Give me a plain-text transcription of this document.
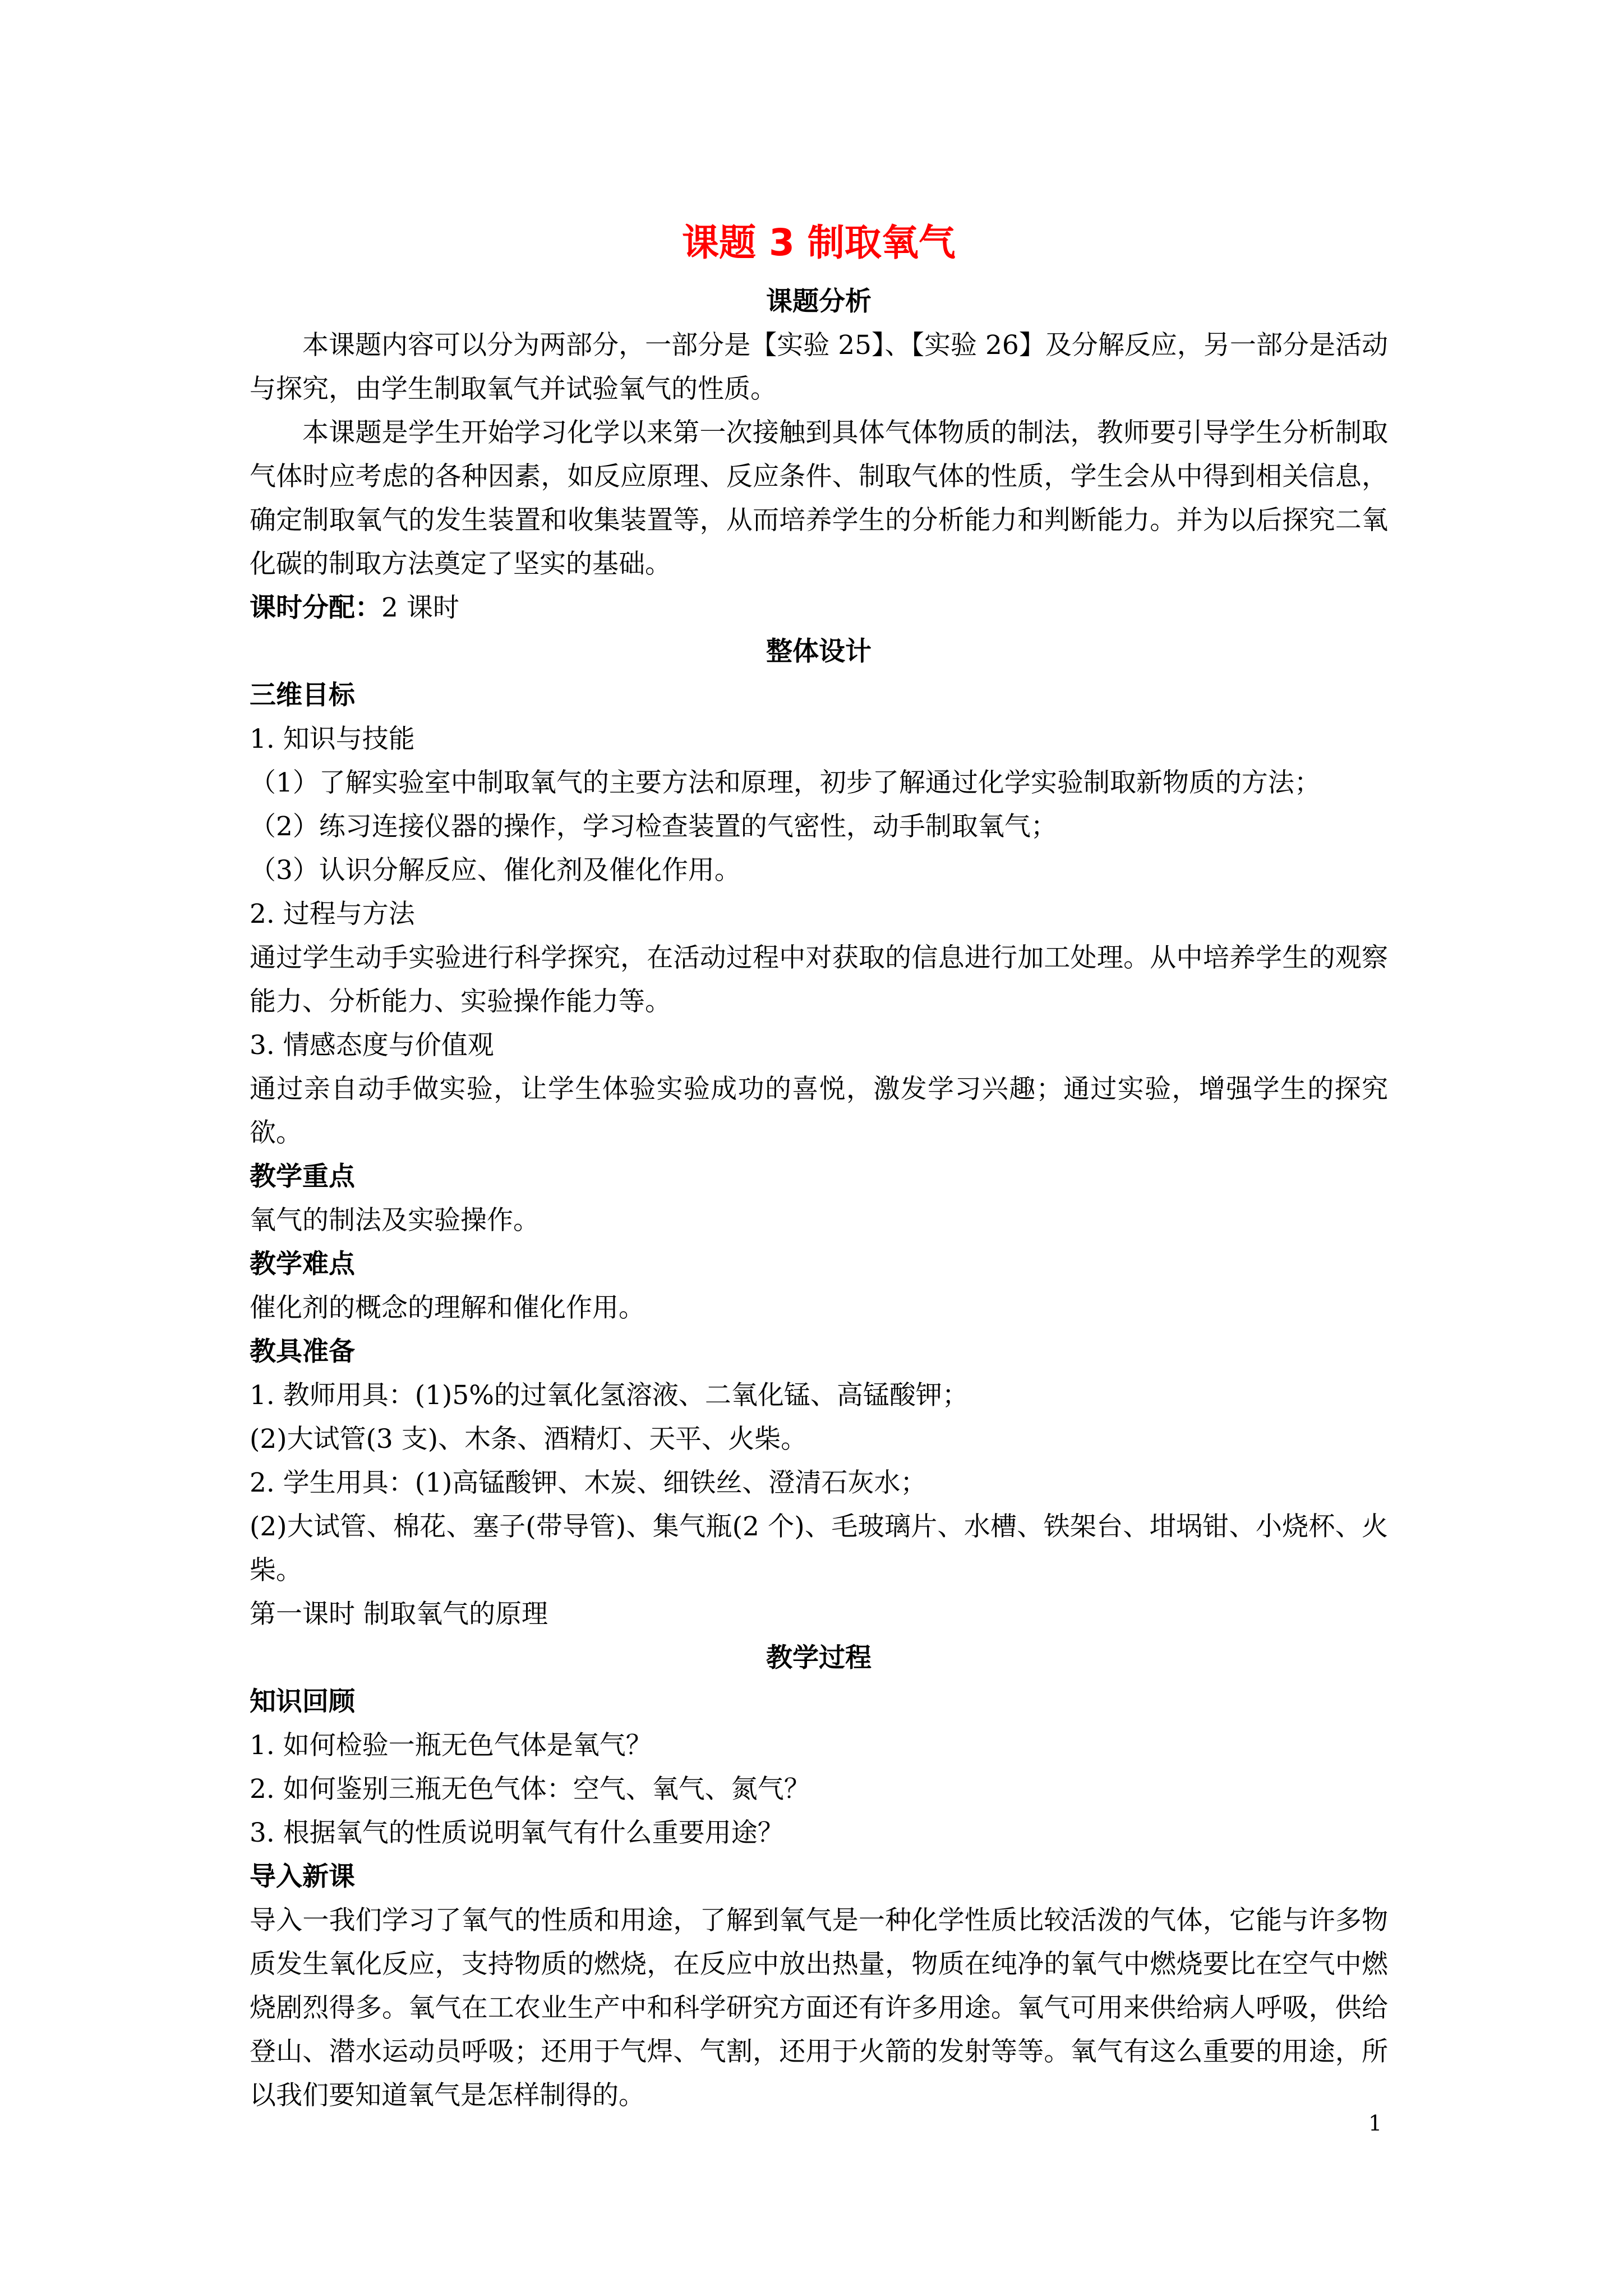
课题 3 制取氧气

课题分析

本课题内容可以分为两部分，一部分是【实验 25】、【实验 26】及分解反应，另一部分是活动与探究，由学生制取氧气并试验氧气的性质。

本课题是学生开始学习化学以来第一次接触到具体气体物质的制法，教师要引导学生分析制取气体时应考虑的各种因素，如反应原理、反应条件、制取气体的性质，学生会从中得到相关信息，确定制取氧气的发生装置和收集装置等，从而培养学生的分析能力和判断能力。并为以后探究二氧化碳的制取方法奠定了坚实的基础。

课时分配：2 课时

整体设计

三维目标

1. 知识与技能

（1）了解实验室中制取氧气的主要方法和原理，初步了解通过化学实验制取新物质的方法；

（2）练习连接仪器的操作，学习检查装置的气密性，动手制取氧气；

（3）认识分解反应、催化剂及催化作用。

2. 过程与方法

通过学生动手实验进行科学探究，在活动过程中对获取的信息进行加工处理。从中培养学生的观察能力、分析能力、实验操作能力等。

3. 情感态度与价值观

通过亲自动手做实验，让学生体验实验成功的喜悦，激发学习兴趣；通过实验，增强学生的探究欲。

教学重点

氧气的制法及实验操作。

教学难点

催化剂的概念的理解和催化作用。

教具准备

1. 教师用具：(1)5%的过氧化氢溶液、二氧化锰、高锰酸钾；

(2)大试管(3 支)、木条、酒精灯、天平、火柴。

2. 学生用具：(1)高锰酸钾、木炭、细铁丝、澄清石灰水；

(2)大试管、棉花、塞子(带导管)、集气瓶(2 个)、毛玻璃片、水槽、铁架台、坩埚钳、小烧杯、火柴。

第一课时 制取氧气的原理

教学过程

知识回顾

1. 如何检验一瓶无色气体是氧气？

2. 如何鉴别三瓶无色气体：空气、氧气、氮气？

3. 根据氧气的性质说明氧气有什么重要用途？

导入新课

导入一我们学习了氧气的性质和用途，了解到氧气是一种化学性质比较活泼的气体，它能与许多物质发生氧化反应，支持物质的燃烧，在反应中放出热量，物质在纯净的氧气中燃烧要比在空气中燃烧剧烈得多。氧气在工农业生产中和科学研究方面还有许多用途。氧气可用来供给病人呼吸，供给登山、潜水运动员呼吸；还用于气焊、气割，还用于火箭的发射等等。氧气有这么重要的用途，所以我们要知道氧气是怎样制得的。

1
